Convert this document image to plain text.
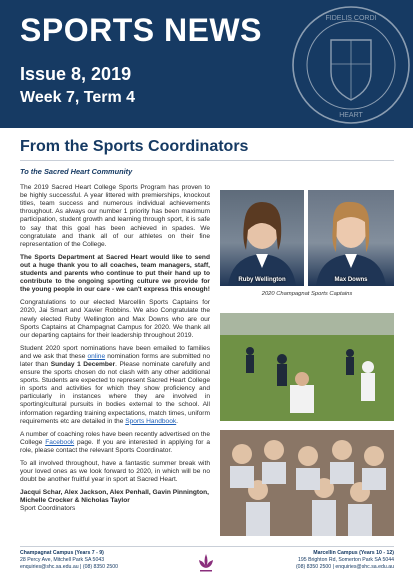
SPORTS NEWS
Issue 8, 2019
Week 7, Term 4
FIDELIS CORDI
HEART
From the Sports Coordinators

To the Sacred Heart Community

The 2019 Sacred Heart College Sports Program has proven to be highly successful. A year littered with premierships, knockout titles, team success and numerous individual achievements throughout. As always our number 1 priority has been maximum participation, student growth and learning through sport, it is safe to say that this goal has been achieved in spades. We congratulate and thank all of our athletes on their fine representation of the College.

The Sports Department at Sacred Heart would like to send out a huge thank you to all coaches, team managers, staff, students and parents who continue to put their hand up to contribute to the ongoing sporting culture we provide for the young people in our care - we can't express this enough!

Congratulations to our elected Marcellin Sports Captains for 2020, Jai Smart and Xavier Robbins. We also Congratulate the newly elected Ruby Wellington and Max Downs who are our Sports Captains at Champagnat Campus for 2020. We thank all our departing captains for their leadership throughout 2019.

Student 2020 sport nominations have been emailed to families and we ask that these online nomination forms are submitted no later than Sunday 1 December. Please nominate carefully and ensure the sports chosen do not clash with any other additional sports. Students are expected to represent Sacred Heart College in sports and activities for which they show proficiency and particularly in instances where they are involved in sporting/cultural pursuits in bodies external to the school. All information regarding training expectations, match times, uniform requirements etc are detailed in the Sports Handbook.

A number of coaching roles have been recently advertised on the College Facebook page. If you are interested in applying for a role, please contact the relevant Sports Coordinator.

To all involved throughout, have a fantastic summer break with your loved ones as we look forward to 2020, in which will be no doubt be another fruitful year in sport at Sacred Heart.

Jacqui Schar, Alex Jackson, Alex Penhall, Gavin Pinnington, Michelle Crocker & Nicholas Taylor

Sport Coordinators

Ruby Wellington	Max Downs
2020 Champagnat Sports Captains
Champagnat Campus (Years 7 - 9)
28 Percy Ave, Mitchell Park SA 5043
enquiries@shc.sa.edu.au | (08) 8350 2500
Marcellin Campus (Years 10 - 12)
195 Brighton Rd, Somerton Park SA 5044
(08) 8350 2500 | enquiries@shc.sa.edu.au
